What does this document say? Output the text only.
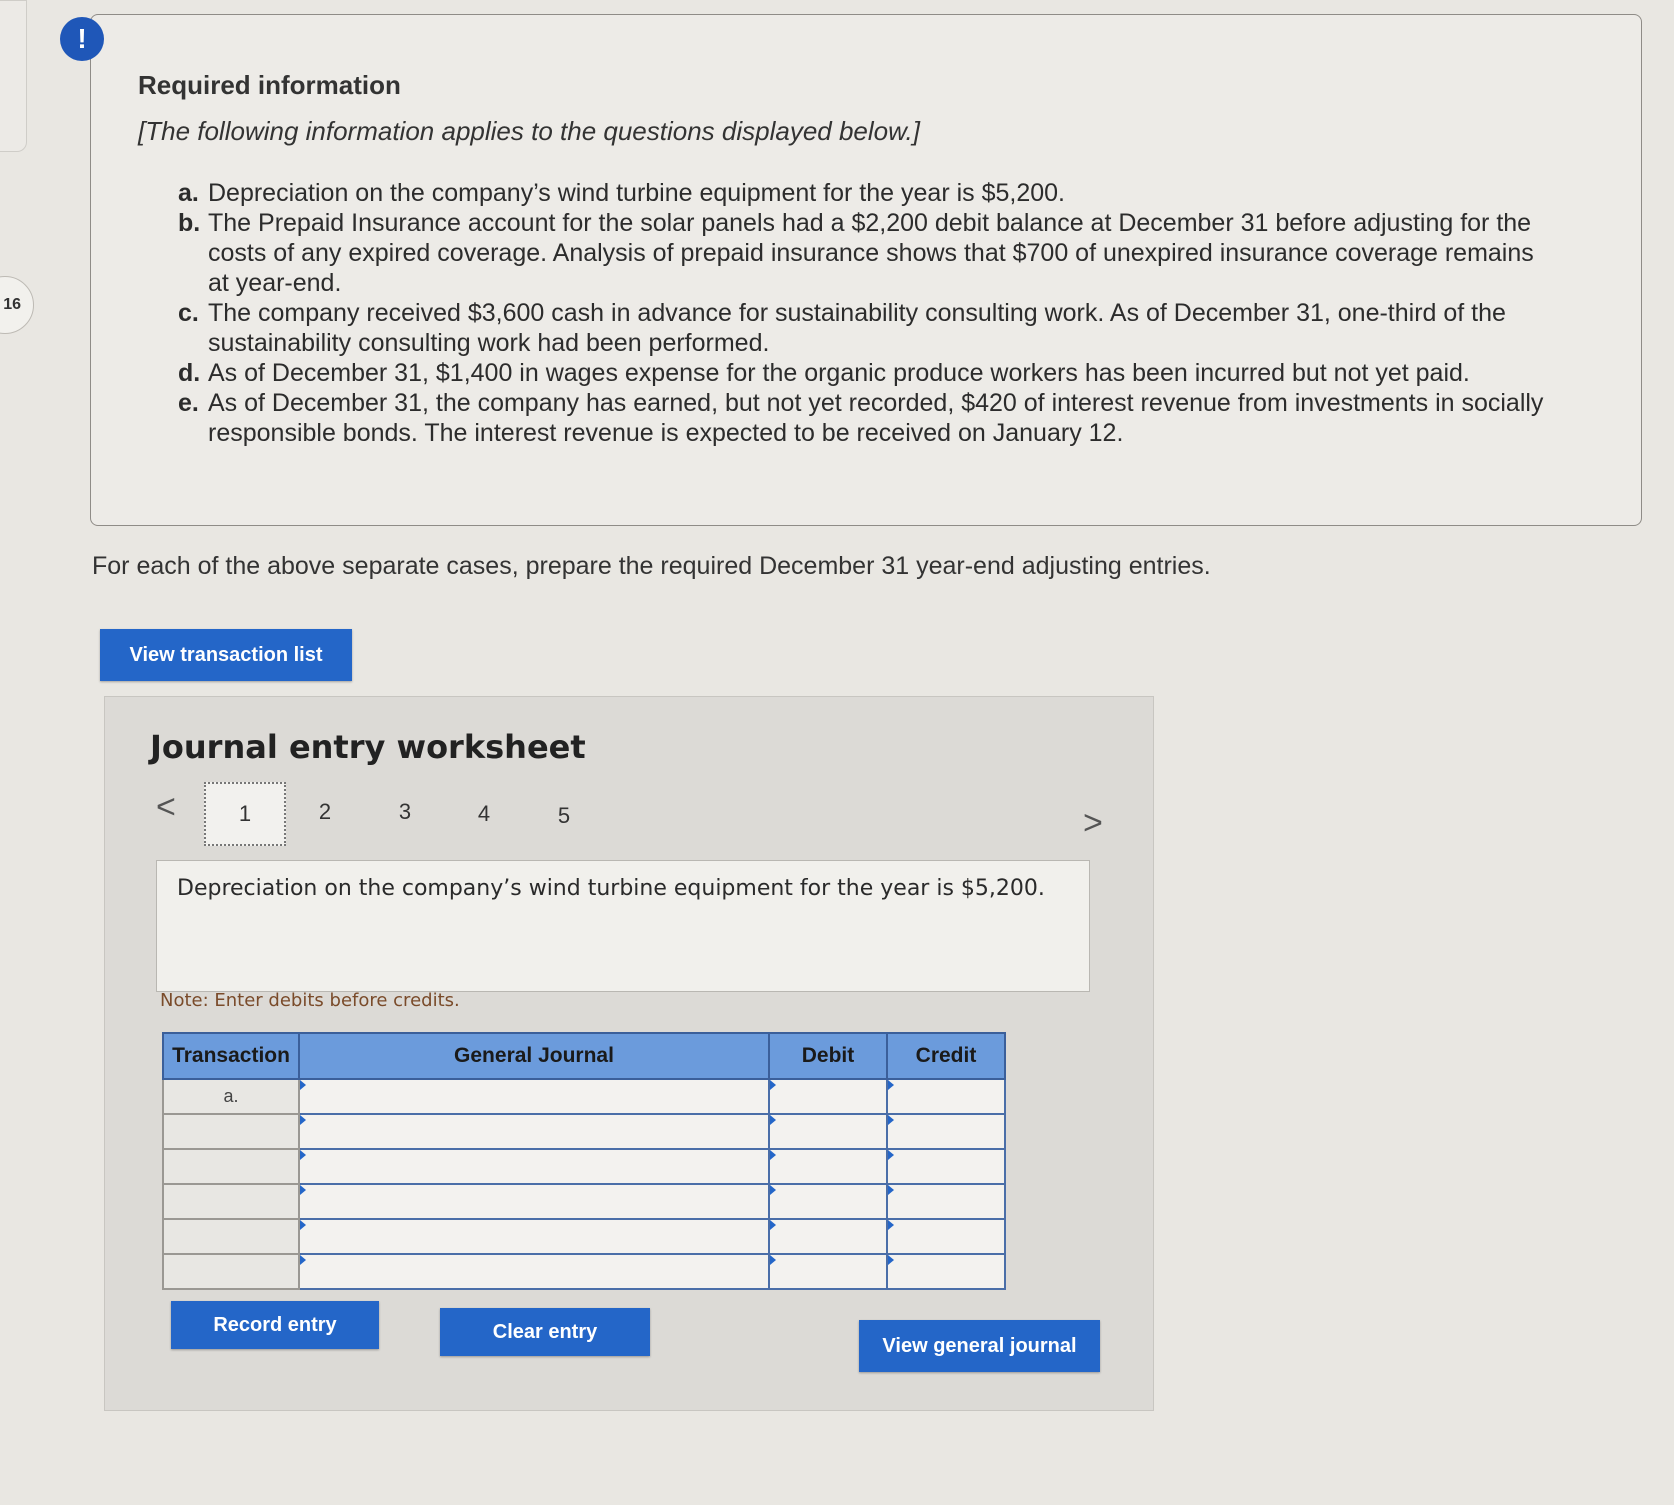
16
!
Required information
[The following information applies to the questions displayed below.]
a. Depreciation on the company’s wind turbine equipment for the year is $5,200.
b. The Prepaid Insurance account for the solar panels had a $2,200 debit balance at December 31 before adjusting for the costs of any expired coverage. Analysis of prepaid insurance shows that $700 of unexpired insurance coverage remains at year-end.
c. The company received $3,600 cash in advance for sustainability consulting work. As of December 31, one-third of the sustainability consulting work had been performed.
d. As of December 31, $1,400 in wages expense for the organic produce workers has been incurred but not yet paid.
e. As of December 31, the company has earned, but not yet recorded, $420 of interest revenue from investments in socially responsible bonds. The interest revenue is expected to be received on January 12.
For each of the above separate cases, prepare the required December 31 year-end adjusting entries.
View transaction list
Journal entry worksheet
<	1	2	3	4	5	>
Depreciation on the company’s wind turbine equipment for the year is $5,200.
Note: Enter debits before credits.
Transaction	General Journal	Debit	Credit
a.	

Record entry	Clear entry
View general journal
